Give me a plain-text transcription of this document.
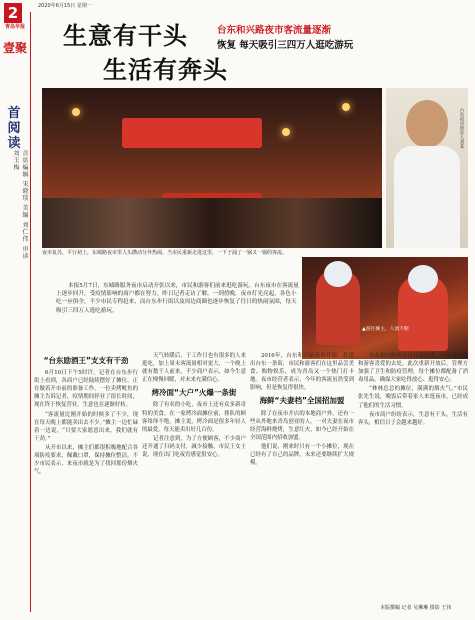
2	2020年6月15日 星期一
青岛早报
壹聚
首阅读
首席编辑 宋晓琰 美编 刘仁伟 审读 刘玉梅
生意有干头
生活有奔头
台东和兴路夜市客流量逐渐
恢复 每天吸引三四万人逛吃游玩
台东夜市创办人刘某
夜市复苏，平行初上，东城路夜市里人头攒动分外热闹。当市民重新走进这里，一下子涌了一锅又一锅的客流。
本报5月7日，东城路服务夜市启动开张以来，市民和游客们前来逛吃游玩。台东夜市在客流量上逐步回升，受疫情影响的商户都在努力。昨日记者走访了解，一到傍晚，夜市灯光亮起，各色小吃一应俱全，不少市民专程赶来，而台东步行街以及周边商圈也逐步恢复了往日的热闹氛围，每天吸引三四万人逛吃游玩。
▲游区摊主，人流不断
“台东励酒王”支支有干劲

6月10日下午5时许，记者在台东步行街上看到，各商户已经陆续摆好了摊位，正在做着开市前的准备工作。一位卖烤鱿鱼的摊主告诉记者，疫情期间停业了很长时间，现在终于恢复营业，生意也在逐渐好转。

“客流量比刚开始的时候多了不少，现在每天晚上都能卖出去不少。”摊主一边忙碌着一边说，“只要大家愿意出来，我们就有干劲。”

从开市以来，摊主们都很积极地配合各项防疫要求，佩戴口罩，保持摊位整洁。不少市民表示，来夜市就是为了找回那份烟火气。

天气转暖后，于工作日也有很多的人来逛吃，加上周末客流量相对更大，一个晚上就有数千人前来。不少商户表示，如今生意正在慢慢回暖，对未来充满信心。

烤冷面“大户”火爆一条街

除了有名的小吃，夜市上还有众多新奇特的美食。在一家烤冷面摊位前，排队的顾客络绎不绝。摊主说，烤冷面是很多年轻人的最爱，每天能卖出好几百份。

记者注意到，为了方便顾客，不少商户还开通了扫码支付，减少接触。市民王女士说，现在出门吃夜宵感觉很安心。

2016年，台东和兴路夜市开街，打造出台东一条街，市民和游客们在这里品尝美食、购物娱乐，成为青岛又一个热门打卡地。夜市经营者表示，今年的客流虽然受到影响，但是恢复得很快。

海鲜“夫妻档”全国招加盟

除了在夜市开店的本地商户外，还有一些从外地来青岛创业的人。一对夫妻在夜市经营海鲜烧烤，生意红火，如今已经开始在全国范围内招收加盟。

他们说，刚来时只有一个小摊位，现在已经有了自己的品牌，未来还要继续扩大规模。

台东和兴路夜市自开街以来，一直是市民和游客喜爱的去处。此次重新开放后，管理方加强了卫生和防疫管理，每个摊位都配备了消毒用品，确保大家吃得放心、逛得安心。

“林林总总的摊位，满满的烟火气。”市民张先生说，晚饭后带着家人来逛夜市，已经成了他们的生活习惯。

夜市商户纷纷表示，生意有干头，生活有奔头，相信日子会越来越好。

本版撰稿 记者 吴琳琳 摄影 王伟
